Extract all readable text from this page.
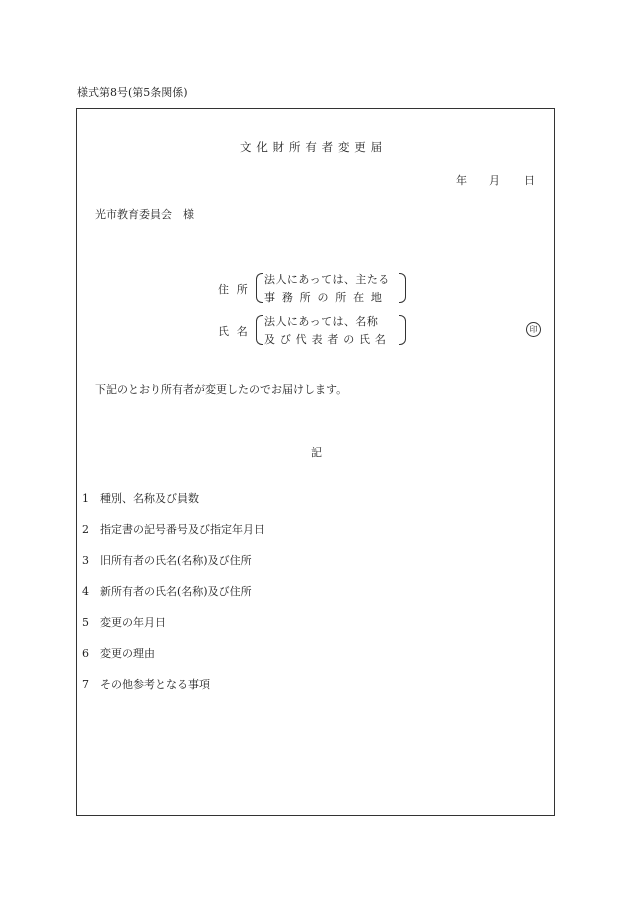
様式第8号(第5条関係)
文化財所有者変更届
年 月 日
光市教育委員会　様
住所
法人にあっては、主たる
事務所の所在地
氏名
法人にあっては、名称
及び代表者の氏名
印
下記のとおり所有者が変更したのでお届けします。
記
1 種別、名称及び員数
2 指定書の記号番号及び指定年月日
3 旧所有者の氏名(名称)及び住所
4 新所有者の氏名(名称)及び住所
5 変更の年月日
6 変更の理由
7 その他参考となる事項
